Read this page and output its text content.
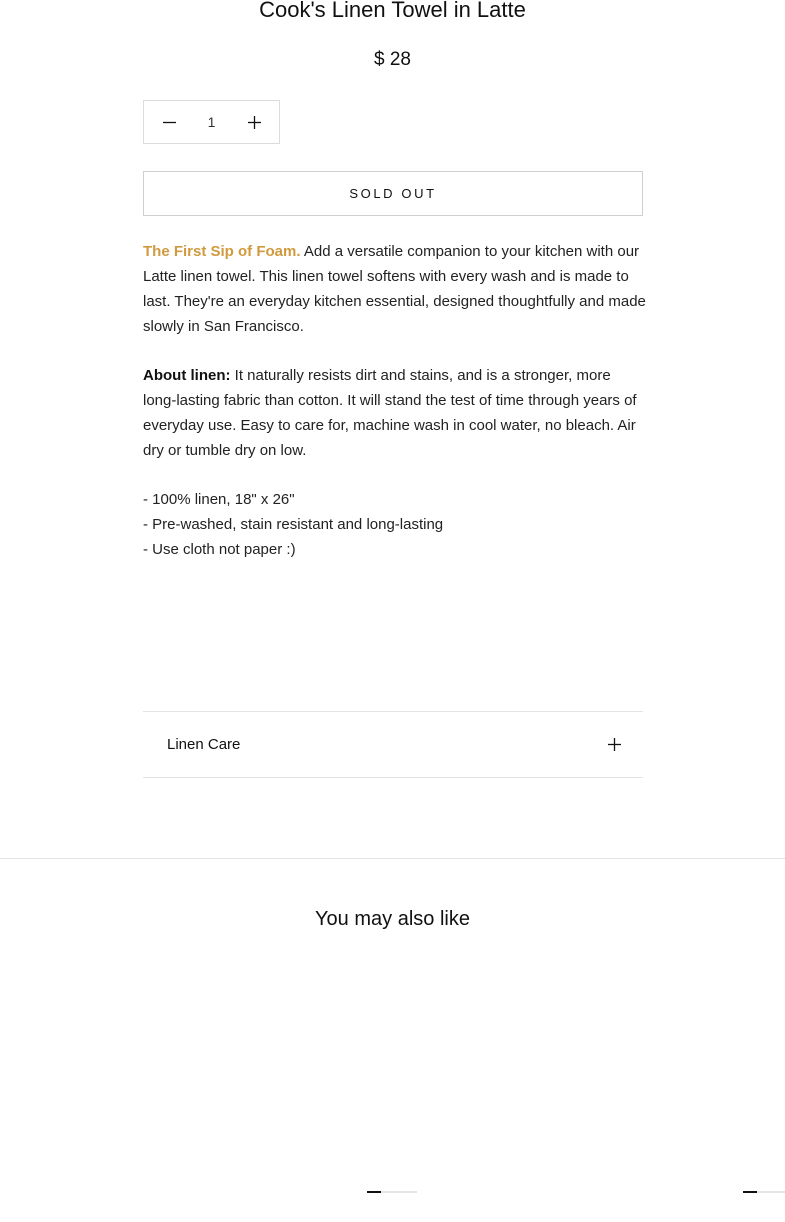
Cook's Linen Towel in Latte
$ 28
1
SOLD OUT

The First Sip of Foam. Add a versatile companion to your kitchen with our Latte linen towel. This linen towel softens with every wash and is made to last. They're an everyday kitchen essential, designed thoughtfully and made slowly in San Francisco.

About linen: It naturally resists dirt and stains, and is a stronger, more long-lasting fabric than cotton. It will stand the test of time through years of everyday use. Easy to care for, machine wash in cool water, no bleach. Air dry or tumble dry on low.

- 100% linen, 18" x 26"
- Pre-washed, stain resistant and long-lasting
- Use cloth not paper :)
Linen Care
You may also like
